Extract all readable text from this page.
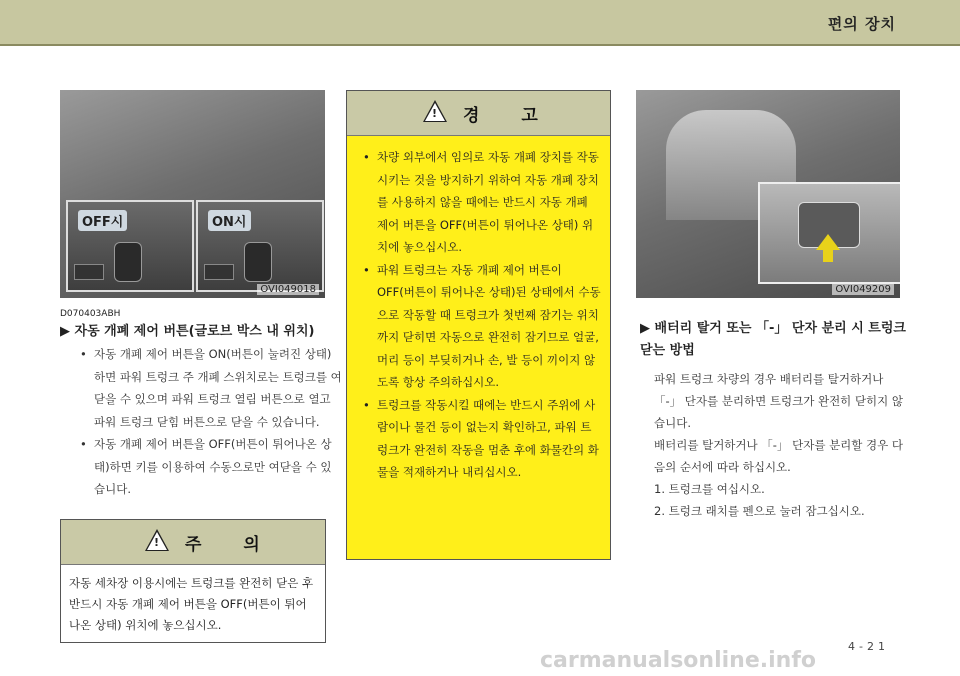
편의 장치
OFF시	ON시
OVI049018
D070403ABH
▶ 자동 개폐 제어 버튼(글로브 박스 내 위치)
• 자동 개폐 제어 버튼을 ON(버튼이 눌려진 상태)하면 파워 트렁크 주 개폐 스위치로는 트렁크를 여 닫을 수 있으며 파워 트렁크 열림 버튼으로 열고 파워 트렁크 닫힘 버튼으로 닫을 수 있습니다.
• 자동 개폐 제어 버튼을 OFF(버튼이 튀어나온 상태)하면 키를 이용하여 수동으로만 여닫을 수 있습니다.
! 주 의
자동 세차장 이용시에는 트렁크를 완전히 닫은 후 반드시 자동 개폐 제어 버튼을 OFF(버튼이 튀어나온 상태) 위치에 놓으십시오.
! 경 고
• 차량 외부에서 임의로 자동 개폐 장치를 작동시키는 것을 방지하기 위하여 자동 개폐 장치를 사용하지 않을 때에는 반드시 자동 개폐 제어 버튼을 OFF(버튼이 튀어나온 상태) 위치에 놓으십시오.
• 파워 트렁크는 자동 개폐 제어 버튼이 OFF(버튼이 튀어나온 상태)된 상태에서 수동으로 작동할 때 트렁크가 첫번째 잠기는 위치까지 닫히면 자동으로 완전히 잠기므로 얼굴, 머리 등이 부딪히거나 손, 발 등이 끼이지 않도록 항상 주의하십시오.
• 트렁크를 작동시킬 때에는 반드시 주위에 사람이나 물건 등이 없는지 확인하고, 파워 트렁크가 완전히 작동을 멈춘 후에 화물칸의 화물을 적재하거나 내리십시오.
OVI049209
▶ 배터리 탈거 또는 「-」 단자 분리 시 트렁크 닫는 방법

파워 트렁크 차량의 경우 배터리를 탈거하거나 「-」 단자를 분리하면 트렁크가 완전히 닫히지 않습니다.

배터리를 탈거하거나 「-」 단자를 분리할 경우 다음의 순서에 따라 하십시오.

1. 트렁크를 여십시오.

2. 트렁크 래치를 펜으로 눌러 잠그십시오.

4-21
carmanualsonline.info
